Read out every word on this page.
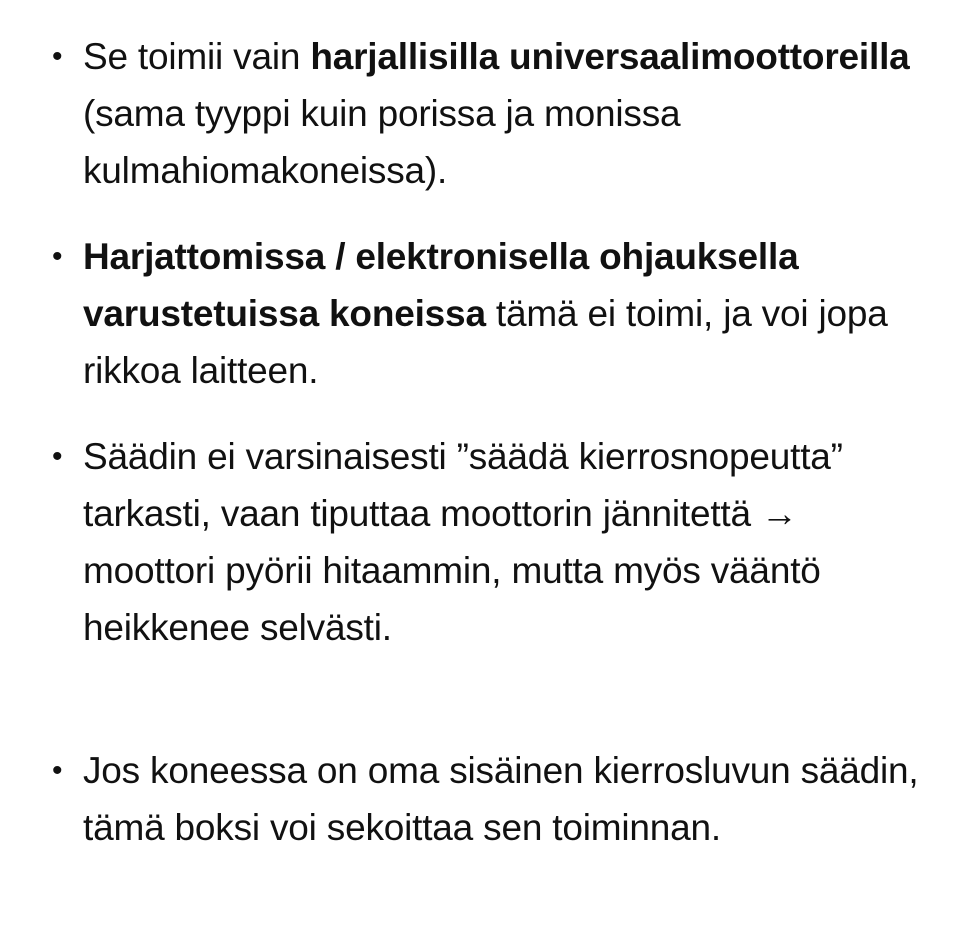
• Se toimii vain harjallisilla universaalimoottoreilla (sama tyyppi kuin porissa ja monissa kulmahiomakoneissa).
• Harjattomissa / elektronisella ohjauksella varustetuissa koneissa tämä ei toimi, ja voi jopa rikkoa laitteen.
• Säädin ei varsinaisesti ”säädä kierrosnopeutta” tarkasti, vaan tiputtaa moottorin jännitettä → moottori pyörii hitaammin, mutta myös vääntö heikkenee selvästi.
• Jos koneessa on oma sisäinen kierrosluvun säädin, tämä boksi voi sekoittaa sen toiminnan.
